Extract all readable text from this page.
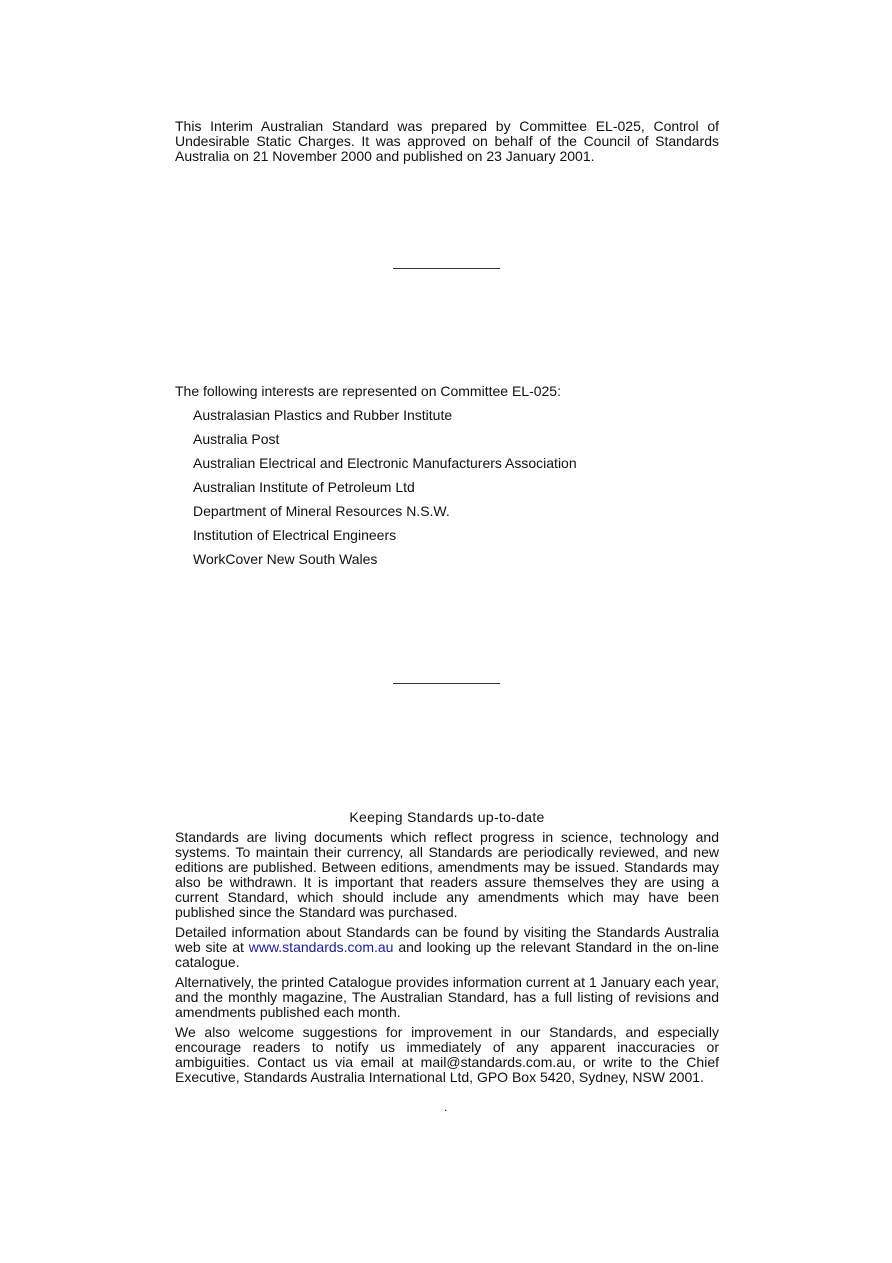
This Interim Australian Standard was prepared by Committee EL-025, Control of Undesirable Static Charges. It was approved on behalf of the Council of Standards Australia on 21 November 2000 and published on 23 January 2001.
The following interests are represented on Committee EL-025:
Australasian Plastics and Rubber Institute
Australia Post
Australian Electrical and Electronic Manufacturers Association
Australian Institute of Petroleum Ltd
Department of Mineral Resources N.S.W.
Institution of Electrical Engineers
WorkCover New South Wales
Keeping Standards up-to-date

Standards are living documents which reflect progress in science, technology and systems. To maintain their currency, all Standards are periodically reviewed, and new editions are published. Between editions, amendments may be issued. Standards may also be withdrawn. It is important that readers assure themselves they are using a current Standard, which should include any amendments which may have been published since the Standard was purchased.

Detailed information about Standards can be found by visiting the Standards Australia web site at www.standards.com.au and looking up the relevant Standard in the on-line catalogue.

Alternatively, the printed Catalogue provides information current at 1 January each year, and the monthly magazine, The Australian Standard, has a full listing of revisions and amendments published each month.

We also welcome suggestions for improvement in our Standards, and especially encourage readers to notify us immediately of any apparent inaccuracies or ambiguities. Contact us via email at mail@standards.com.au, or write to the Chief Executive, Standards Australia International Ltd, GPO Box 5420, Sydney, NSW 2001.

.
